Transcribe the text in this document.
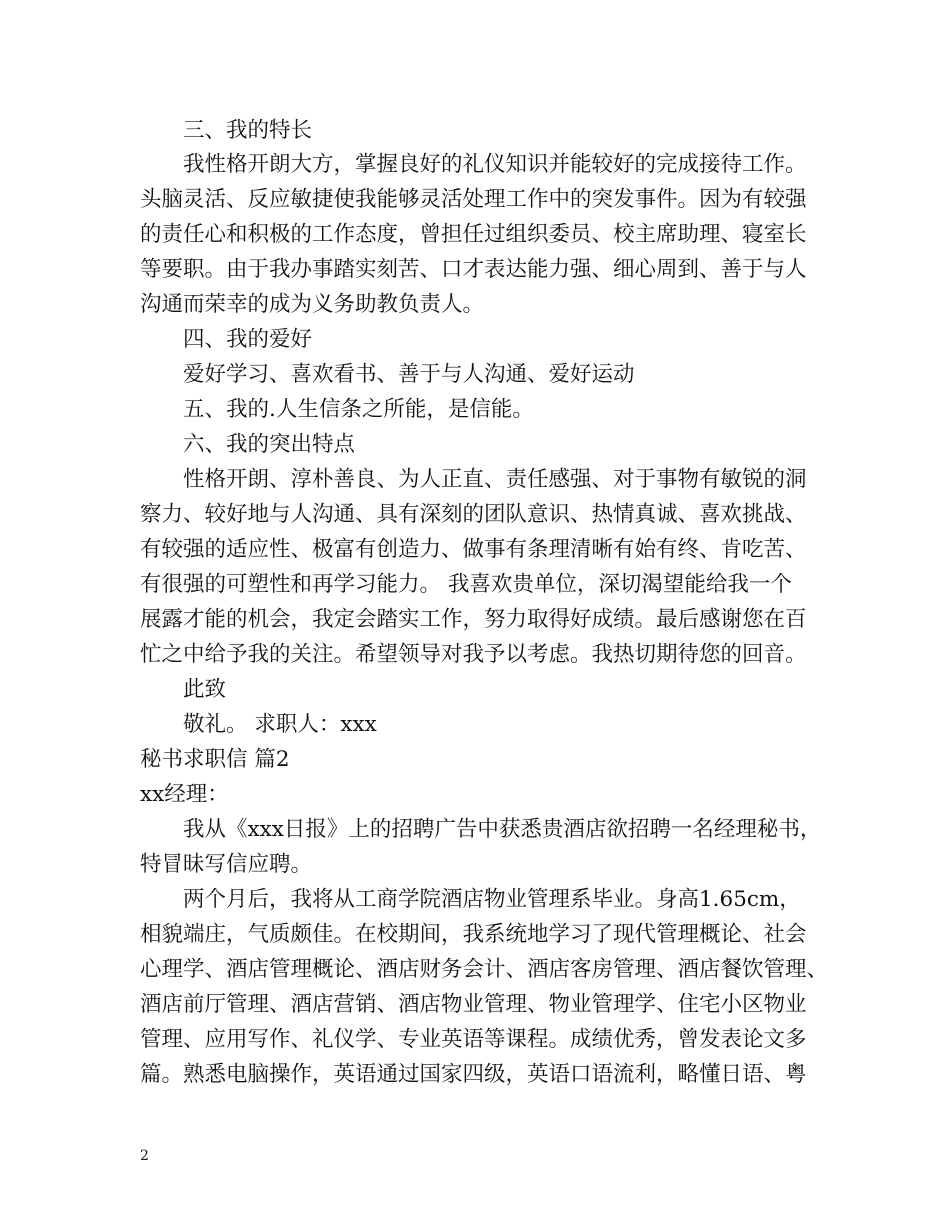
三、我的特长
我性格开朗大方，掌握良好的礼仪知识并能较好的完成接待工作。
头脑灵活、反应敏捷使我能够灵活处理工作中的突发事件。因为有较强
的责任心和积极的工作态度，曾担任过组织委员、校主席助理、寝室长
等要职。由于我办事踏实刻苦、口才表达能力强、细心周到、善于与人
沟通而荣幸的成为义务助教负责人。
四、我的爱好
爱好学习、喜欢看书、善于与人沟通、爱好运动
五、我的.人生信条之所能，是信能。
六、我的突出特点
性格开朗、淳朴善良、为人正直、责任感强、对于事物有敏锐的洞
察力、较好地与人沟通、具有深刻的团队意识、热情真诚、喜欢挑战、
有较强的适应性、极富有创造力、做事有条理清晰有始有终、肯吃苦、
有很强的可塑性和再学习能力。 我喜欢贵单位，深切渴望能给我一个
展露才能的机会，我定会踏实工作，努力取得好成绩。最后感谢您在百
忙之中给予我的关注。希望领导对我予以考虑。我热切期待您的回音。
此致
敬礼。 求职人：xxx
秘书求职信 篇2
xx经理：
我从《xxx日报》上的招聘广告中获悉贵酒店欲招聘一名经理秘书，
特冒昧写信应聘。
两个月后，我将从工商学院酒店物业管理系毕业。身高1.65cm，
相貌端庄，气质颇佳。在校期间，我系统地学习了现代管理概论、社会
心理学、酒店管理概论、酒店财务会计、酒店客房管理、酒店餐饮管理、
酒店前厅管理、酒店营销、酒店物业管理、物业管理学、住宅小区物业
管理、应用写作、礼仪学、专业英语等课程。成绩优秀，曾发表论文多
篇。熟悉电脑操作，英语通过国家四级，英语口语流利，略懂日语、粤
2
